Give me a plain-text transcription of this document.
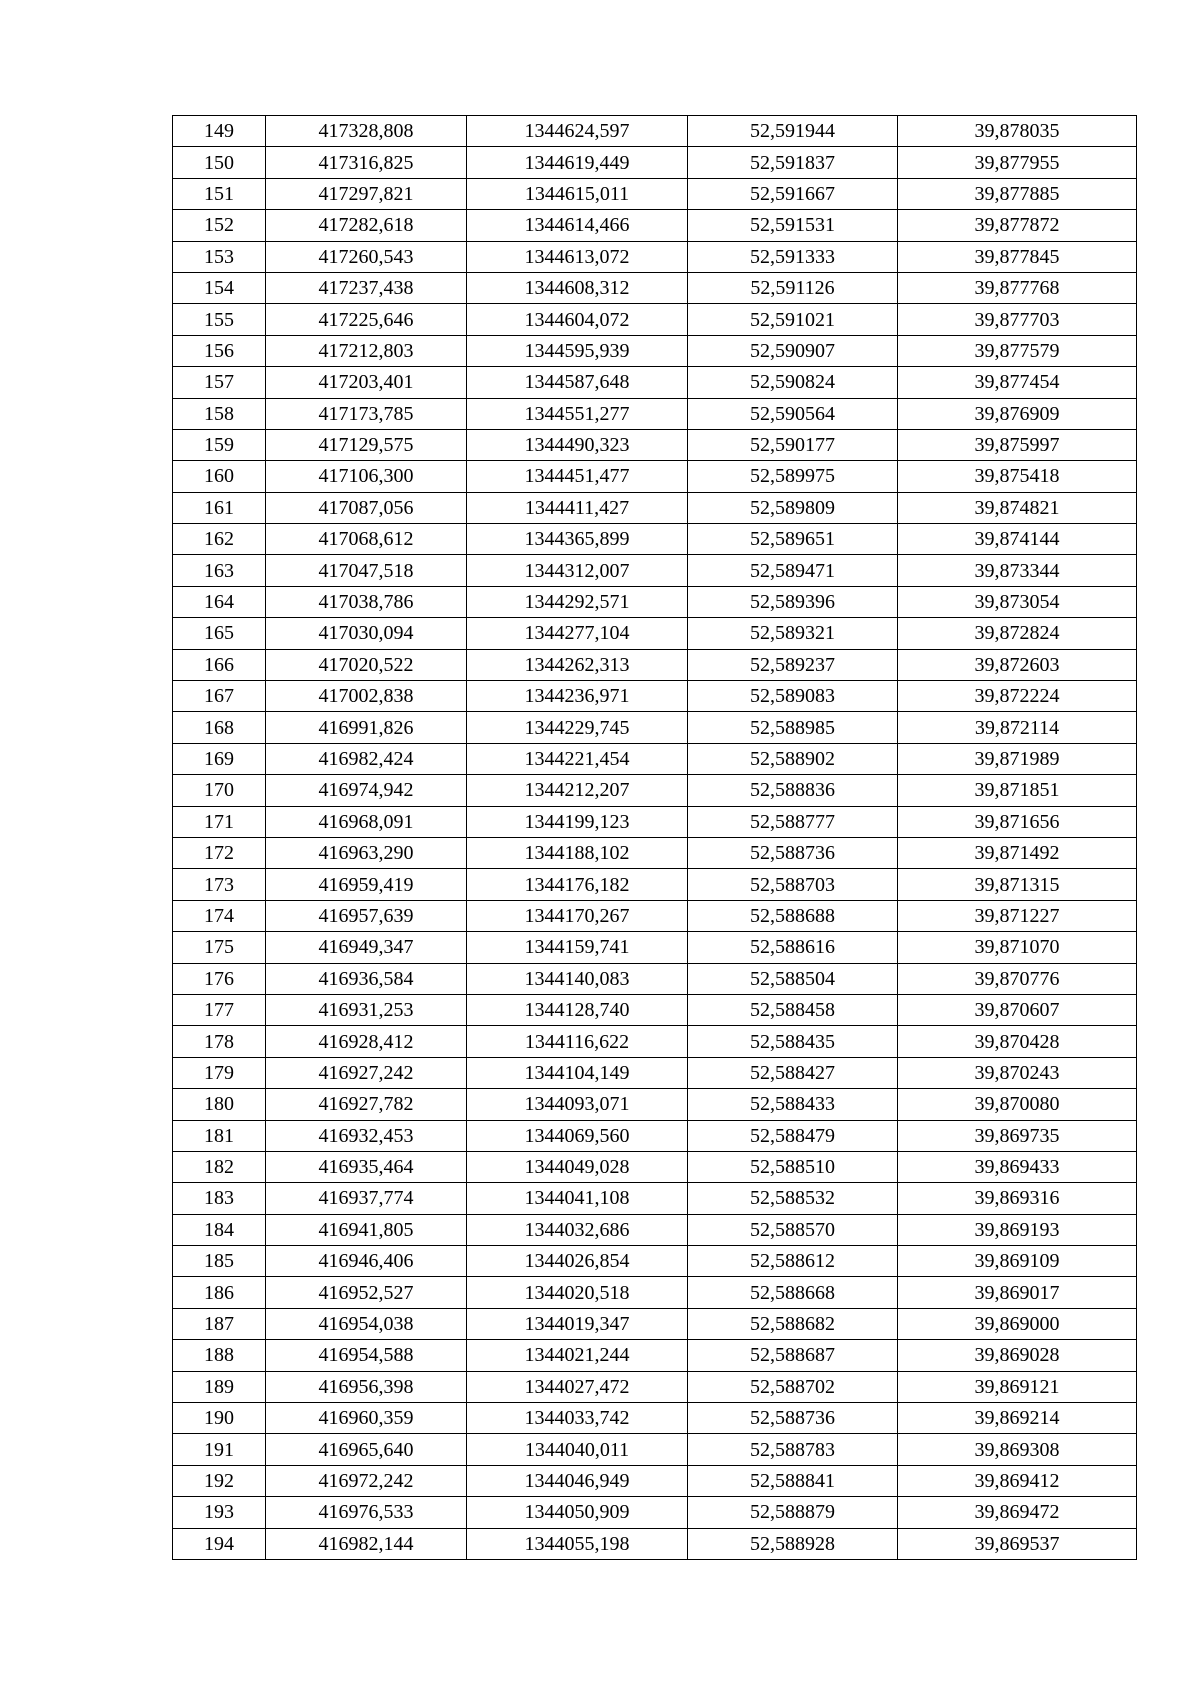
149	417328,808	1344624,597	52,591944	39,878035
150	417316,825	1344619,449	52,591837	39,877955
151	417297,821	1344615,011	52,591667	39,877885
152	417282,618	1344614,466	52,591531	39,877872
153	417260,543	1344613,072	52,591333	39,877845
154	417237,438	1344608,312	52,591126	39,877768
155	417225,646	1344604,072	52,591021	39,877703
156	417212,803	1344595,939	52,590907	39,877579
157	417203,401	1344587,648	52,590824	39,877454
158	417173,785	1344551,277	52,590564	39,876909
159	417129,575	1344490,323	52,590177	39,875997
160	417106,300	1344451,477	52,589975	39,875418
161	417087,056	1344411,427	52,589809	39,874821
162	417068,612	1344365,899	52,589651	39,874144
163	417047,518	1344312,007	52,589471	39,873344
164	417038,786	1344292,571	52,589396	39,873054
165	417030,094	1344277,104	52,589321	39,872824
166	417020,522	1344262,313	52,589237	39,872603
167	417002,838	1344236,971	52,589083	39,872224
168	416991,826	1344229,745	52,588985	39,872114
169	416982,424	1344221,454	52,588902	39,871989
170	416974,942	1344212,207	52,588836	39,871851
171	416968,091	1344199,123	52,588777	39,871656
172	416963,290	1344188,102	52,588736	39,871492
173	416959,419	1344176,182	52,588703	39,871315
174	416957,639	1344170,267	52,588688	39,871227
175	416949,347	1344159,741	52,588616	39,871070
176	416936,584	1344140,083	52,588504	39,870776
177	416931,253	1344128,740	52,588458	39,870607
178	416928,412	1344116,622	52,588435	39,870428
179	416927,242	1344104,149	52,588427	39,870243
180	416927,782	1344093,071	52,588433	39,870080
181	416932,453	1344069,560	52,588479	39,869735
182	416935,464	1344049,028	52,588510	39,869433
183	416937,774	1344041,108	52,588532	39,869316
184	416941,805	1344032,686	52,588570	39,869193
185	416946,406	1344026,854	52,588612	39,869109
186	416952,527	1344020,518	52,588668	39,869017
187	416954,038	1344019,347	52,588682	39,869000
188	416954,588	1344021,244	52,588687	39,869028
189	416956,398	1344027,472	52,588702	39,869121
190	416960,359	1344033,742	52,588736	39,869214
191	416965,640	1344040,011	52,588783	39,869308
192	416972,242	1344046,949	52,588841	39,869412
193	416976,533	1344050,909	52,588879	39,869472
194	416982,144	1344055,198	52,588928	39,869537
